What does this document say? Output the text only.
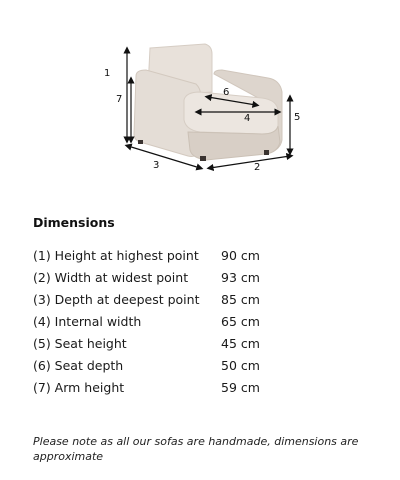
1
7
5
3	2
6
4
Dimensions
(1) Height at highest point	90 cm
(2) Width at widest point	93 cm
(3) Depth at deepest point	85 cm
(4) Internal width	65 cm
(5) Seat height	45 cm
(6) Seat depth	50 cm
(7) Arm height	59 cm
Please note as all our sofas are handmade, dimensions are approximate
